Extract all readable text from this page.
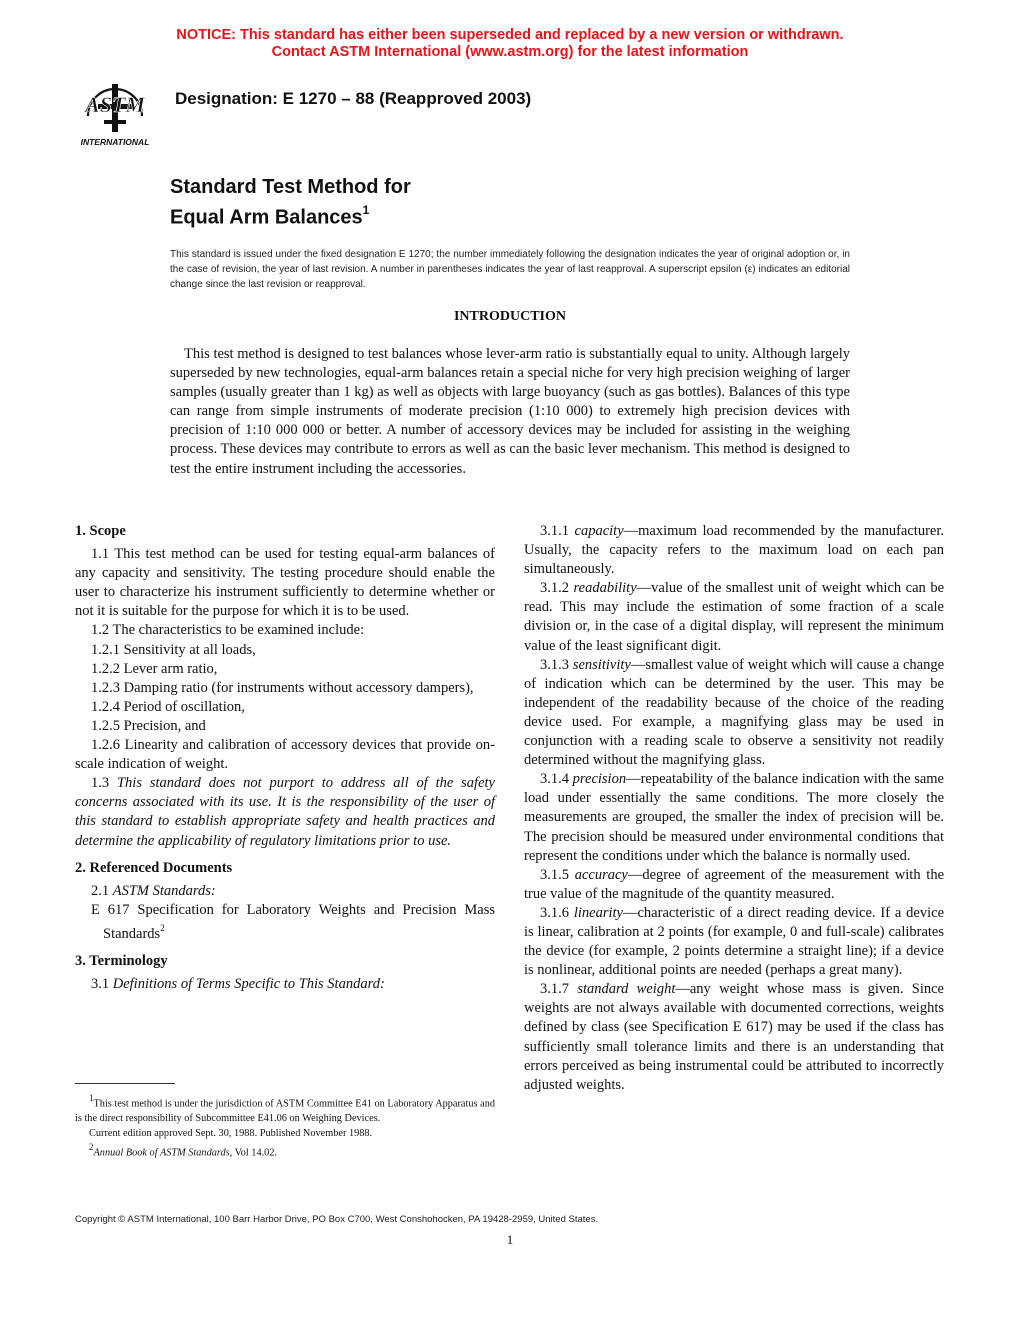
NOTICE: This standard has either been superseded and replaced by a new version or withdrawn.
Contact ASTM International (www.astm.org) for the latest information
ASTM
INTERNATIONAL
Designation: E 1270 – 88 (Reapproved 2003)
Standard Test Method for
Equal Arm Balances$^1$
This standard is issued under the fixed designation E 1270; the number immediately following the designation indicates the year of original adoption or, in the case of revision, the year of last revision. A number in parentheses indicates the year of last reapproval. A superscript epsilon (ε) indicates an editorial change since the last revision or reapproval.
INTRODUCTION

This test method is designed to test balances whose lever-arm ratio is substantially equal to unity. Although largely superseded by new technologies, equal-arm balances retain a special niche for very high precision weighing of larger samples (usually greater than 1 kg) as well as objects with large buoyancy (such as gas bottles). Balances of this type can range from simple instruments of moderate precision (1:10 000) to extremely high precision devices with precision of 1:10 000 000 or better. A number of accessory devices may be included for assisting in the weighing process. These devices may contribute to errors as well as can the basic lever mechanism. This method is designed to test the entire instrument including the accessories.

1. Scope

1.1 This test method can be used for testing equal-arm balances of any capacity and sensitivity. The testing procedure should enable the user to characterize his instrument sufficiently to determine whether or not it is suitable for the purpose for which it is to be used.

1.2 The characteristics to be examined include:

1.2.1 Sensitivity at all loads,

1.2.2 Lever arm ratio,

1.2.3 Damping ratio (for instruments without accessory dampers),

1.2.4 Period of oscillation,

1.2.5 Precision, and

1.2.6 Linearity and calibration of accessory devices that provide on-scale indication of weight.

1.3 This standard does not purport to address all of the safety concerns associated with its use. It is the responsibility of the user of this standard to establish appropriate safety and health practices and determine the applicability of regulatory limitations prior to use.

2. Referenced Documents

2.1 ASTM Standards:

E 617 Specification for Laboratory Weights and Precision Mass Standards$^2$

3. Terminology

3.1 Definitions of Terms Specific to This Standard:

3.1.1 capacity—maximum load recommended by the manufacturer. Usually, the capacity refers to the maximum load on each pan simultaneously.

3.1.2 readability—value of the smallest unit of weight which can be read. This may include the estimation of some fraction of a scale division or, in the case of a digital display, will represent the minimum value of the least significant digit.

3.1.3 sensitivity—smallest value of weight which will cause a change of indication which can be determined by the user. This may be independent of the readability because of the choice of the reading device used. For example, a magnifying glass may be used in conjunction with a reading scale to observe a sensitivity not readily determined without the magnifying glass.

3.1.4 precision—repeatability of the balance indication with the same load under essentially the same conditions. The more closely the measurements are grouped, the smaller the index of precision will be. The precision should be measured under environmental conditions that represent the conditions under which the balance is normally used.

3.1.5 accuracy—degree of agreement of the measurement with the true value of the magnitude of the quantity measured.

3.1.6 linearity—characteristic of a direct reading device. If a device is linear, calibration at 2 points (for example, 0 and full-scale) calibrates the device (for example, 2 points determine a straight line); if a device is nonlinear, additional points are needed (perhaps a great many).

3.1.7 standard weight—any weight whose mass is given. Since weights are not always available with documented corrections, weights defined by class (see Specification E 617) may be used if the class has sufficiently small tolerance limits and there is an understanding that errors perceived as being instrumental could be attributed to incorrectly adjusted weights.

$^1$This test method is under the jurisdiction of ASTM Committee E41 on Laboratory Apparatus and is the direct responsibility of Subcommittee E41.06 on Weighing Devices.

Current edition approved Sept. 30, 1988. Published November 1988.

$^2$Annual Book of ASTM Standards, Vol 14.02.

Copyright © ASTM International, 100 Barr Harbor Drive, PO Box C700, West Conshohocken, PA 19428-2959, United States.
1
